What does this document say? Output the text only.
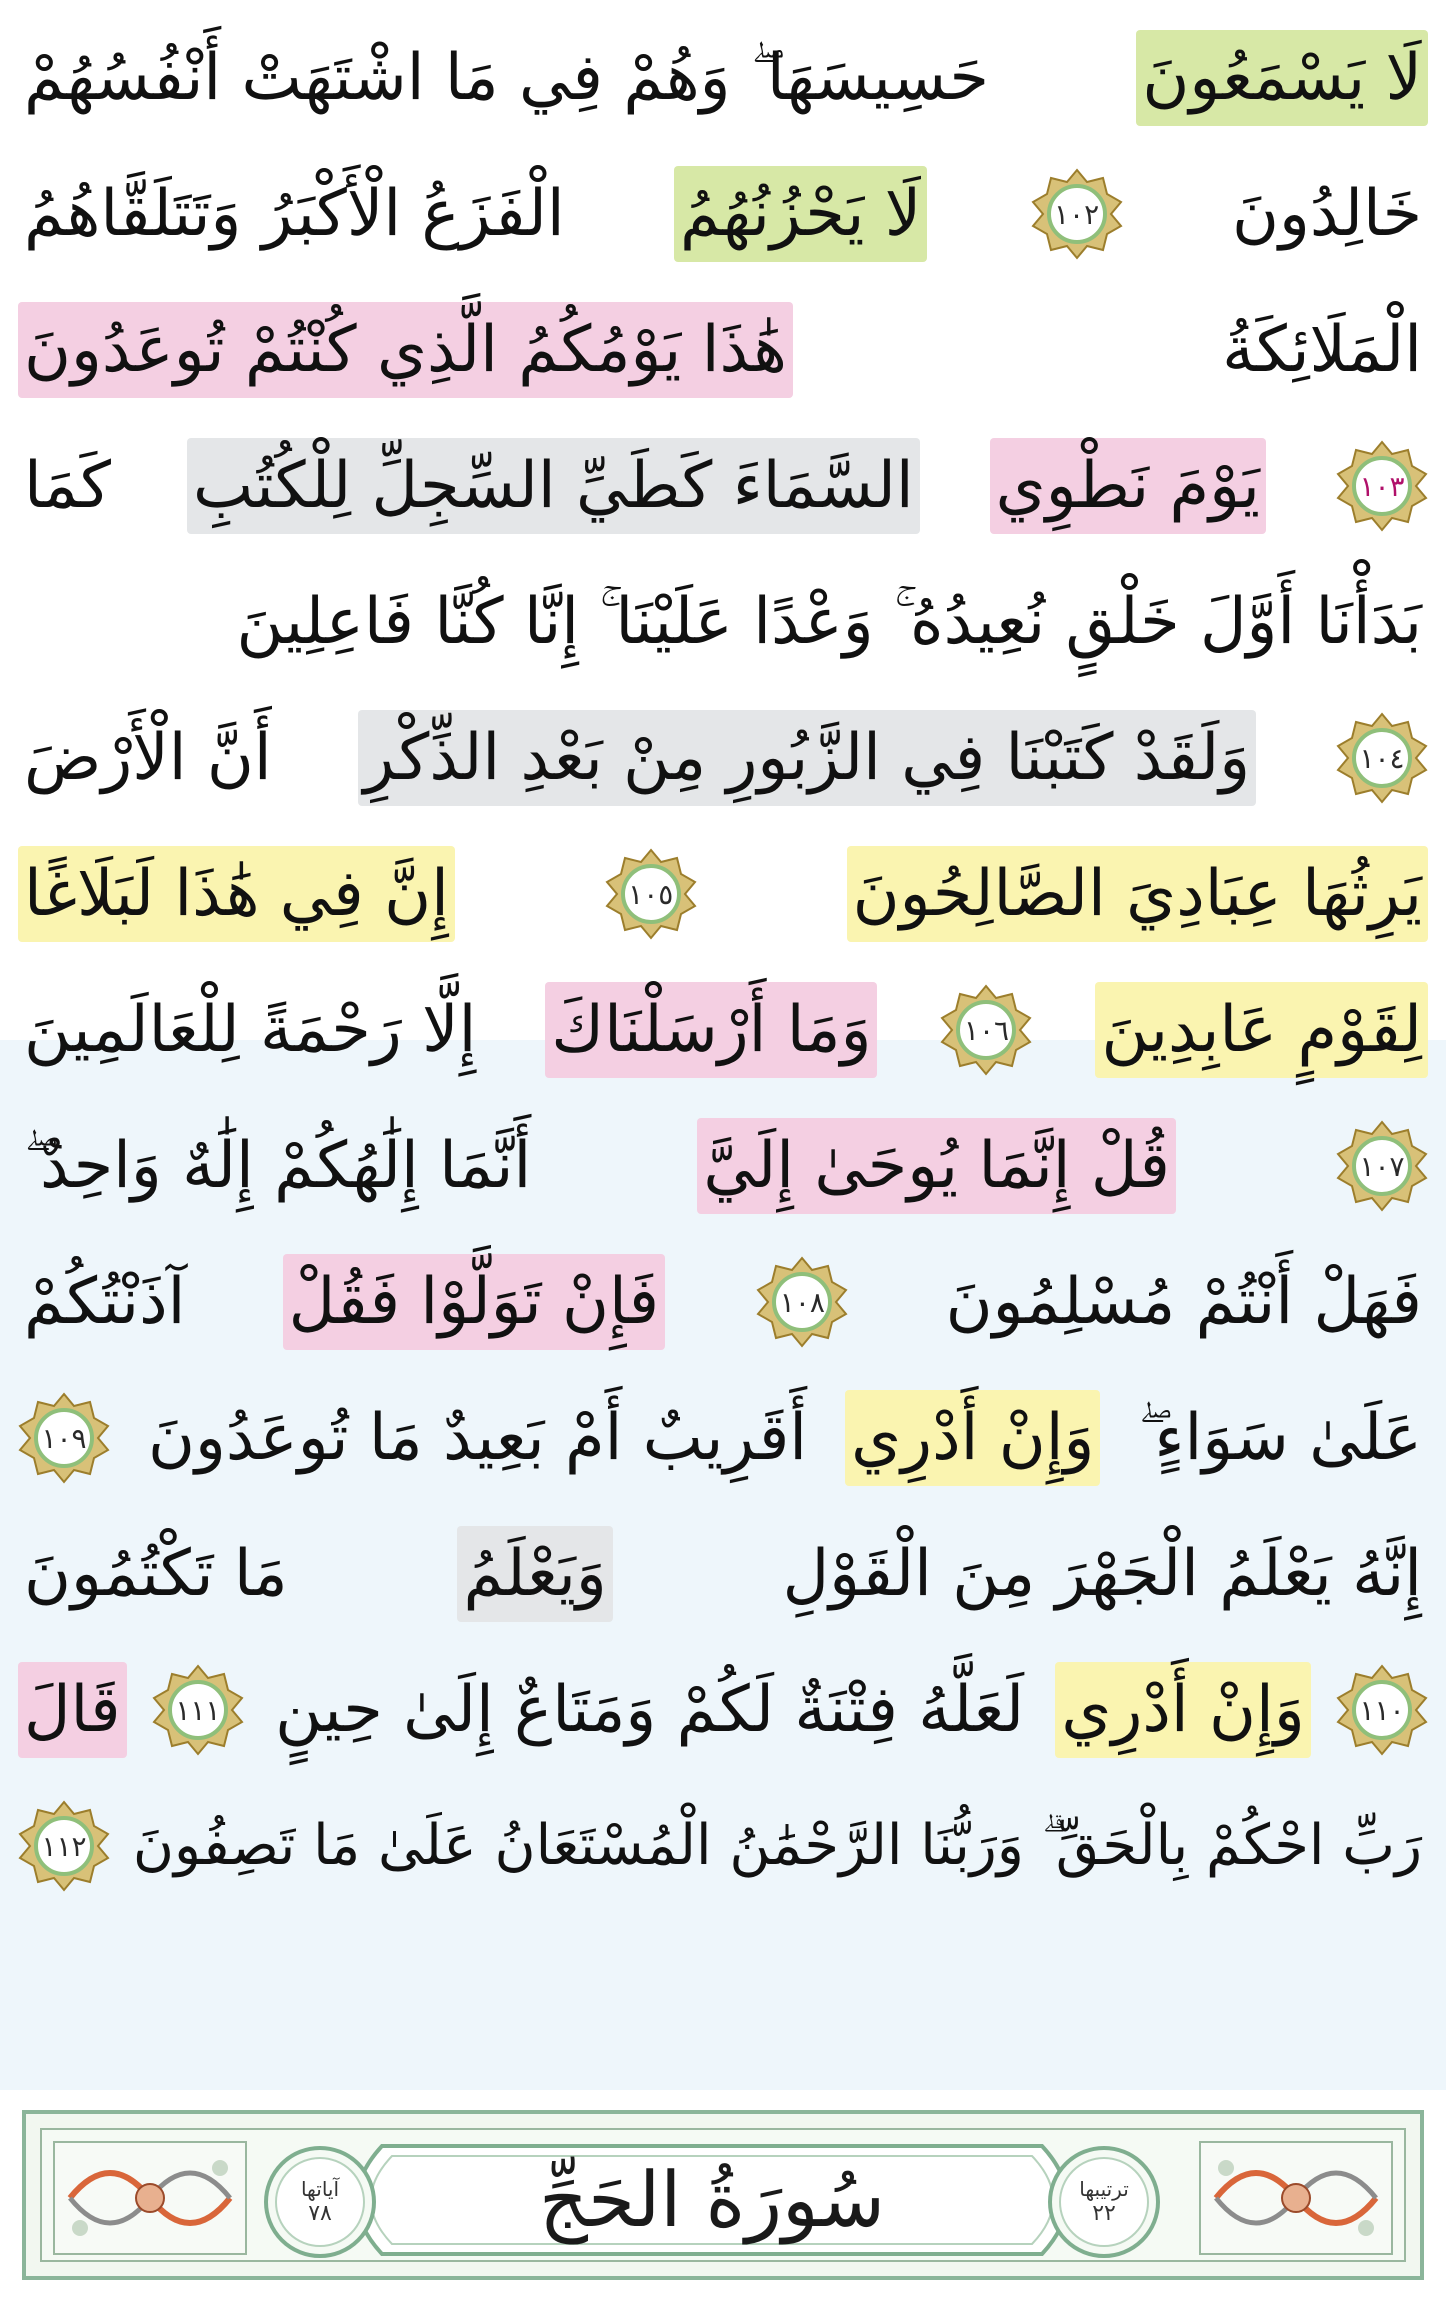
لَا يَسْمَعُونَ
حَسِيسَهَا ۖ وَهُمْ فِي مَا اشْتَهَتْ أَنْفُسُهُمْ
خَالِدُونَ
١٠٢
لَا يَحْزُنُهُمُ
الْفَزَعُ الْأَكْبَرُ وَتَتَلَقَّاهُمُ
الْمَلَائِكَةُ
هَٰذَا يَوْمُكُمُ الَّذِي كُنْتُمْ تُوعَدُونَ
١٠٣
يَوْمَ نَطْوِي
السَّمَاءَ كَطَيِّ السِّجِلِّ لِلْكُتُبِ
كَمَا
بَدَأْنَا أَوَّلَ خَلْقٍ نُعِيدُهُ ۚ وَعْدًا عَلَيْنَا ۚ إِنَّا كُنَّا فَاعِلِينَ
١٠٤
وَلَقَدْ كَتَبْنَا فِي الزَّبُورِ مِنْ بَعْدِ الذِّكْرِ
أَنَّ الْأَرْضَ
يَرِثُهَا عِبَادِيَ الصَّالِحُونَ
١٠٥
إِنَّ فِي هَٰذَا لَبَلَاغًا
لِقَوْمٍ عَابِدِينَ
١٠٦
وَمَا أَرْسَلْنَاكَ
إِلَّا رَحْمَةً لِلْعَالَمِينَ
١٠٧
قُلْ إِنَّمَا يُوحَىٰ إِلَيَّ
أَنَّمَا إِلَٰهُكُمْ إِلَٰهٌ وَاحِدٌ ۖ
فَهَلْ أَنْتُمْ مُسْلِمُونَ
١٠٨
فَإِنْ تَوَلَّوْا فَقُلْ
آذَنْتُكُمْ
عَلَىٰ سَوَاءٍ ۖ
وَإِنْ أَدْرِي
أَقَرِيبٌ أَمْ بَعِيدٌ مَا تُوعَدُونَ
١٠٩
إِنَّهُ يَعْلَمُ الْجَهْرَ مِنَ الْقَوْلِ
وَيَعْلَمُ
مَا تَكْتُمُونَ
١١٠
وَإِنْ أَدْرِي
لَعَلَّهُ فِتْنَةٌ لَكُمْ وَمَتَاعٌ إِلَىٰ حِينٍ
١١١
قَالَ
رَبِّ احْكُمْ بِالْحَقِّ ۗ وَرَبُّنَا الرَّحْمَٰنُ الْمُسْتَعَانُ عَلَىٰ مَا تَصِفُونَ
١١٢
سُورَةُ الحَجِّ	ترتيبها
٢٢
آياتها
٧٨
